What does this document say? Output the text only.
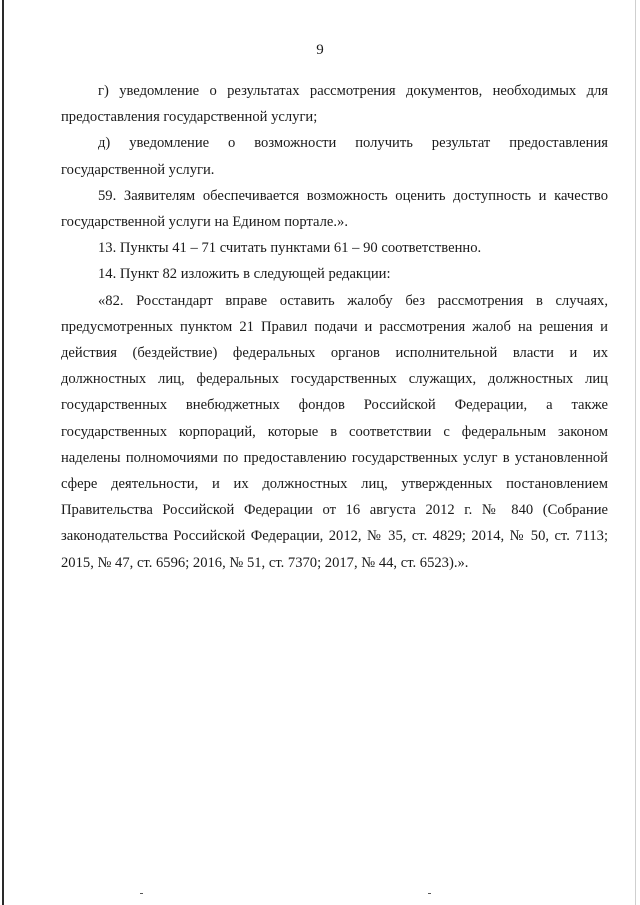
9

г) уведомление о результатах рассмотрения документов, необходимых для предоставления государственной услуги;

д) уведомление о возможности получить результат предоставления государственной услуги.

59. Заявителям обеспечивается возможность оценить доступность и качество государственной услуги на Едином портале.».

13. Пункты 41 – 71 считать пунктами 61 – 90 соответственно.

14. Пункт 82 изложить в следующей редакции:

«82. Росстандарт вправе оставить жалобу без рассмотрения в случаях, предусмотренных пунктом 21 Правил подачи и рассмотрения жалоб на решения и действия (бездействие) федеральных органов исполнительной власти и их должностных лиц, федеральных государственных служащих, должностных лиц государственных внебюджетных фондов Российской Федерации, а также государственных корпораций, которые в соответствии с федеральным законом наделены полномочиями по предоставлению государственных услуг в установленной сфере деятельности, и их должностных лиц, утвержденных постановлением Правительства Российской Федерации от 16 августа 2012 г. № 840 (Собрание законодательства Российской Федерации, 2012, № 35, ст. 4829; 2014, № 50, ст. 7113; 2015, № 47, ст. 6596; 2016, № 51, ст. 7370; 2017, № 44, ст. 6523).».
